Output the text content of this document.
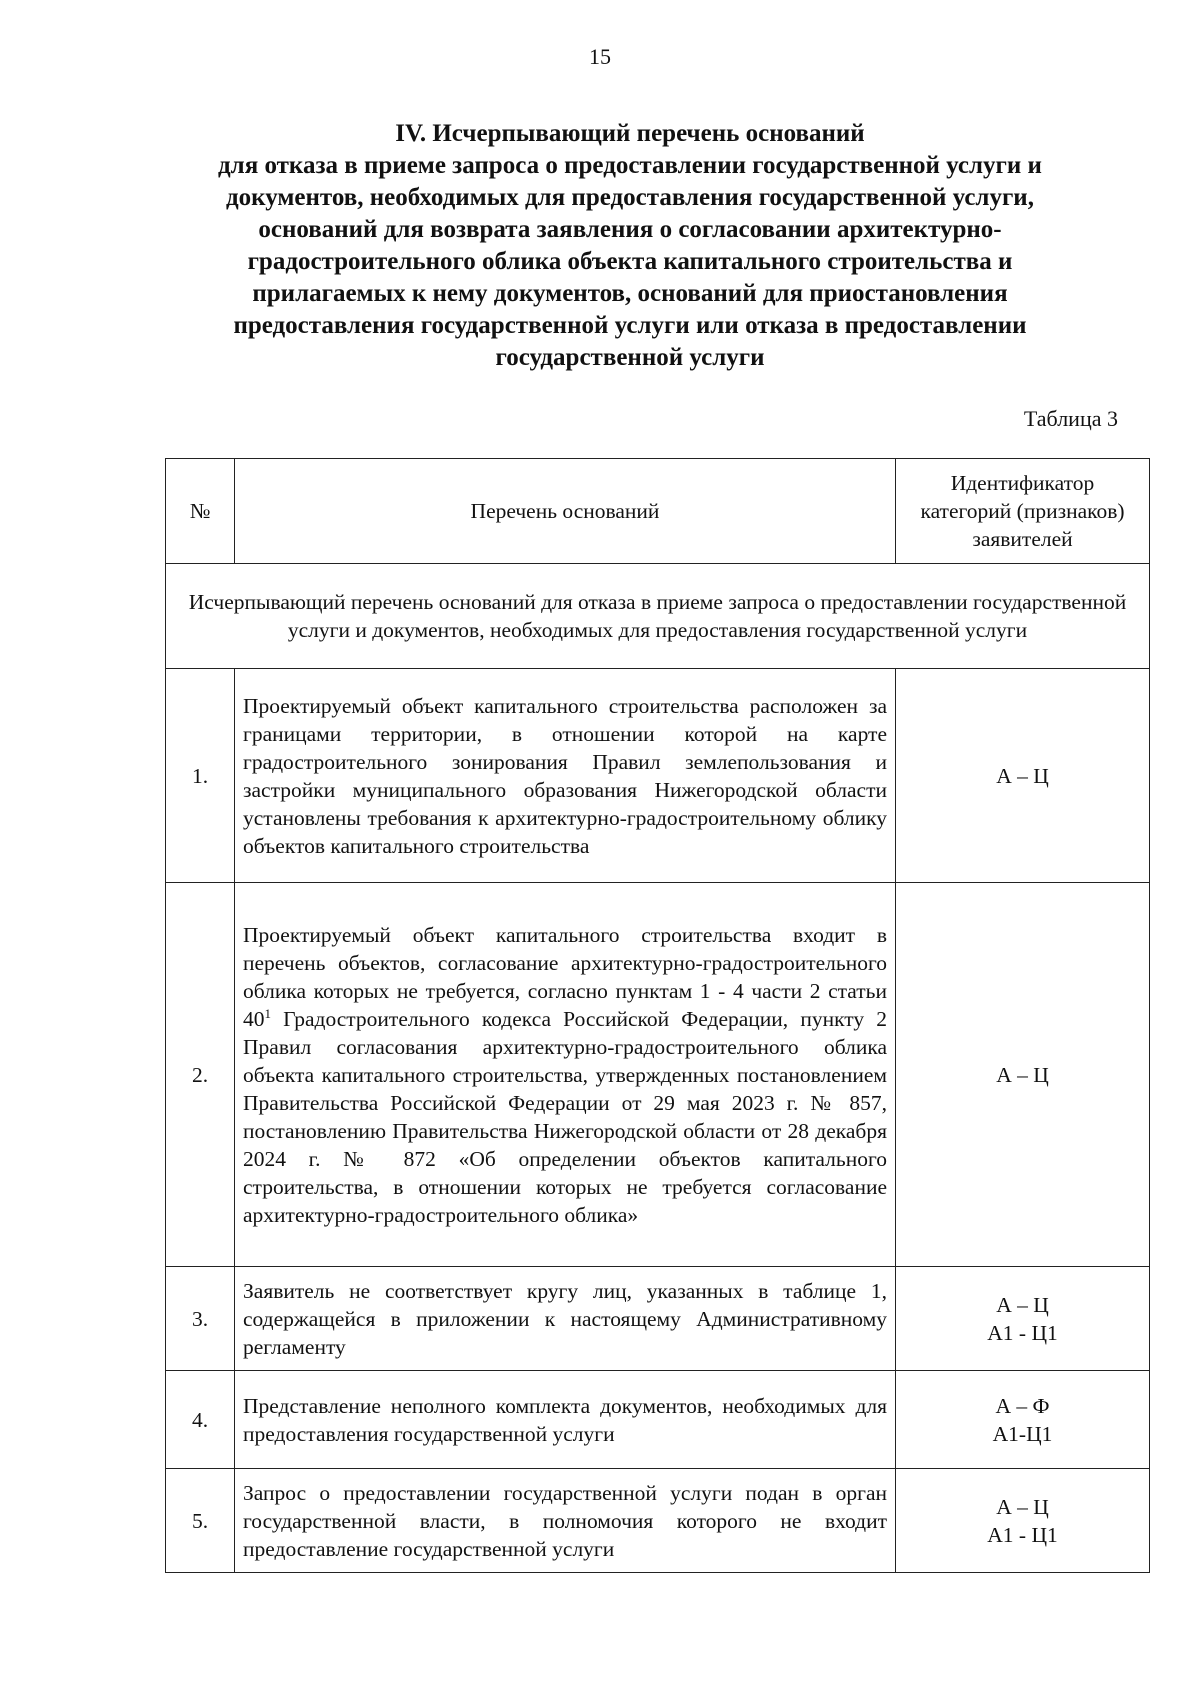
15
IV. Исчерпывающий перечень оснований
для отказа в приеме запроса о предоставлении государственной услуги и
документов, необходимых для предоставления государственной услуги,
оснований для возврата заявления о согласовании архитектурно-
градостроительного облика объекта капитального строительства и
прилагаемых к нему документов, оснований для приостановления
предоставления государственной услуги или отказа в предоставлении
государственной услуги
Таблица 3
№	Перечень оснований	Идентификатор категорий (признаков) заявителей
Исчерпывающий перечень оснований для отказа в приеме запроса о предоставлении государственной услуги и документов, необходимых для предоставления государственной услуги		
1.	Проектируемый объект капитального строительства расположен за границами территории, в отношении которой на карте градостроительного зонирования Правил землепользования и застройки муниципального образования Нижегородской области установлены требования к архитектурно-градостроительному облику объектов капитального строительства	А – Ц

2.	Проектируемый объект капитального строительства входит в перечень объектов, согласование архитектурно-градостроительного облика которых не требуется, согласно пунктам 1 - 4 части 2 статьи $40^1$ Градостроительного кодекса Российской Федерации, пункту 2 Правил согласования архитектурно-градостроительного облика объекта капитального строительства, утвержденных постановлением Правительства Российской Федерации от 29 мая 2023 г. № 857, постановлению Правительства Нижегородской области от 28 декабря 2024 г. № 872 «Об определении объектов капитального строительства, в отношении которых не требуется согласование архитектурно-градостроительного облика»	А – Ц

3.	Заявитель не соответствует кругу лиц, указанных в таблице 1, содержащейся в приложении к настоящему Административному регламенту	А – Ц
А1 - Ц1

4.	Представление неполного комплекта документов, необходимых для предоставления государственной услуги	А – Ф
А1-Ц1

5.	Запрос о предоставлении государственной услуги подан в орган государственной власти, в полномочия которого не входит предоставление государственной услуги	А – Ц
А1 - Ц1
